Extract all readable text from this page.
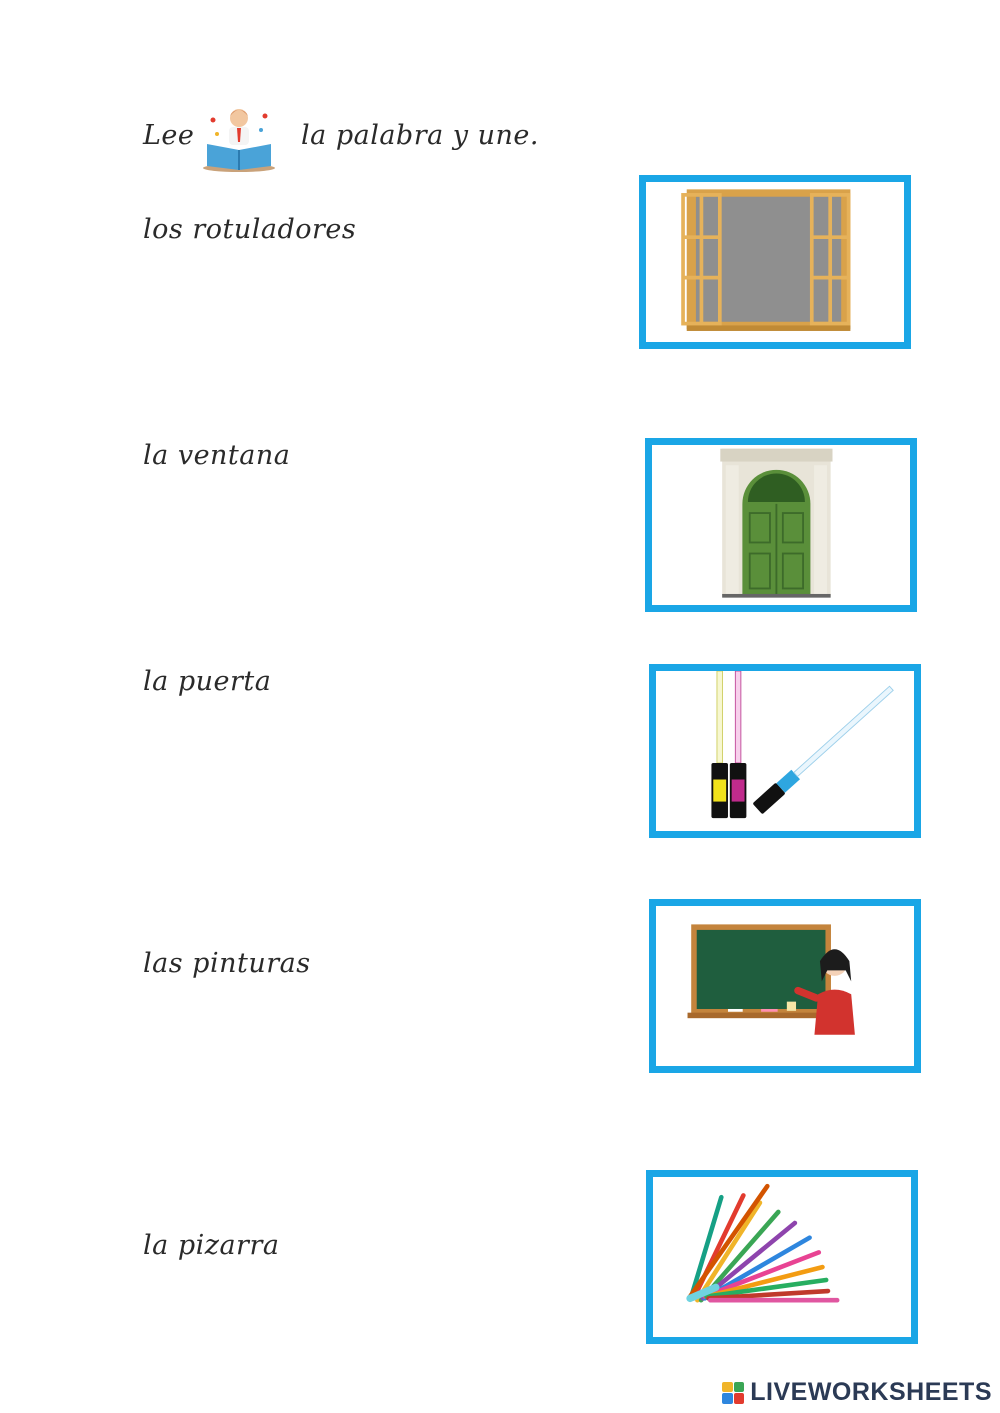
Lee	la palabra y une.
los rotuladores
la ventana
la puerta
las pinturas
la pizarra
LIVEWORKSHEETS
